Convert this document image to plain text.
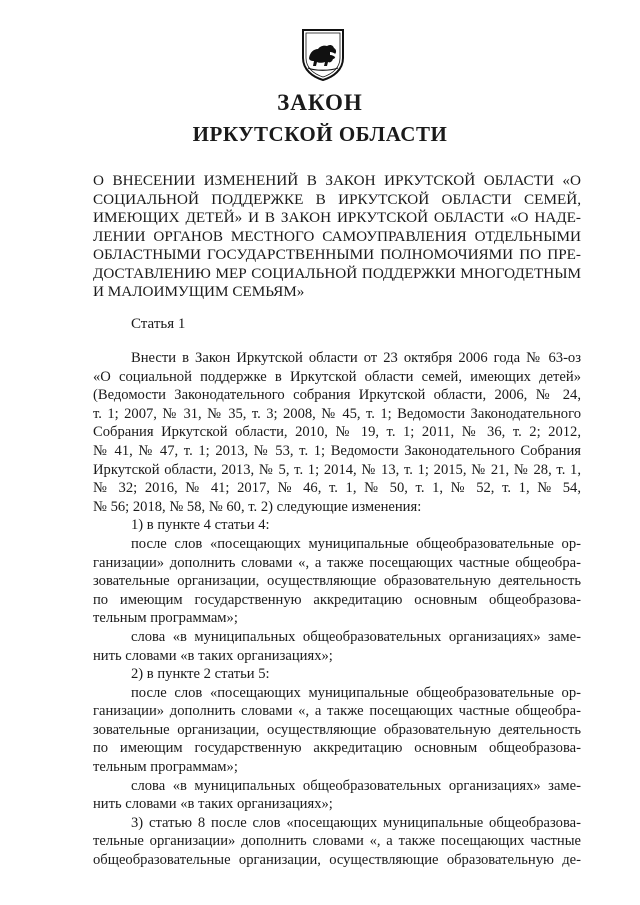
ЗАКОН
ИРКУТСКОЙ ОБЛАСТИ
О ВНЕСЕНИИ ИЗМЕНЕНИЙ В ЗАКОН ИРКУТСКОЙ ОБЛАСТИ «О
СОЦИАЛЬНОЙ ПОДДЕРЖКЕ В ИРКУТСКОЙ ОБЛАСТИ СЕМЕЙ,
ИМЕЮЩИХ ДЕТЕЙ» И В ЗАКОН ИРКУТСКОЙ ОБЛАСТИ «О НАДЕ-
ЛЕНИИ ОРГАНОВ МЕСТНОГО САМОУПРАВЛЕНИЯ ОТДЕЛЬНЫМИ
ОБЛАСТНЫМИ ГОСУДАРСТВЕННЫМИ ПОЛНОМОЧИЯМИ ПО ПРЕ-
ДОСТАВЛЕНИЮ МЕР СОЦИАЛЬНОЙ ПОДДЕРЖКИ МНОГОДЕТНЫМ
И МАЛОИМУЩИМ СЕМЬЯМ»
Статья 1
Внести в Закон Иркутской области от 23 октября 2006 года № 63-оз
«О социальной поддержке в Иркутской области семей, имеющих детей»
(Ведомости Законодательного собрания Иркутской области, 2006, № 24,
т. 1; 2007, № 31, № 35, т. 3; 2008, № 45, т. 1; Ведомости Законодательного
Собрания Иркутской области, 2010, № 19, т. 1; 2011, № 36, т. 2; 2012,
№ 41, № 47, т. 1; 2013, № 53, т. 1; Ведомости Законодательного Собрания
Иркутской области, 2013, № 5, т. 1; 2014, № 13, т. 1; 2015, № 21, № 28, т. 1,
№ 32; 2016, № 41; 2017, № 46, т. 1, № 50, т. 1, № 52, т. 1, № 54,
№ 56; 2018, № 58, № 60, т. 2) следующие изменения:
1) в пункте 4 статьи 4:
после слов «посещающих муниципальные общеобразовательные ор-
ганизации» дополнить словами «, а также посещающих частные общеобра-
зовательные организации, осуществляющие образовательную деятельность
по имеющим государственную аккредитацию основным общеобразова-
тельным программам»;
слова «в муниципальных общеобразовательных организациях» заме-
нить словами «в таких организациях»;
2) в пункте 2 статьи 5:
после слов «посещающих муниципальные общеобразовательные ор-
ганизации» дополнить словами «, а также посещающих частные общеобра-
зовательные организации, осуществляющие образовательную деятельность
по имеющим государственную аккредитацию основным общеобразова-
тельным программам»;
слова «в муниципальных общеобразовательных организациях» заме-
нить словами «в таких организациях»;
3) статью 8 после слов «посещающих муниципальные общеобразова-
тельные организации» дополнить словами «, а также посещающих частные
общеобразовательные организации, осуществляющие образовательную де-
